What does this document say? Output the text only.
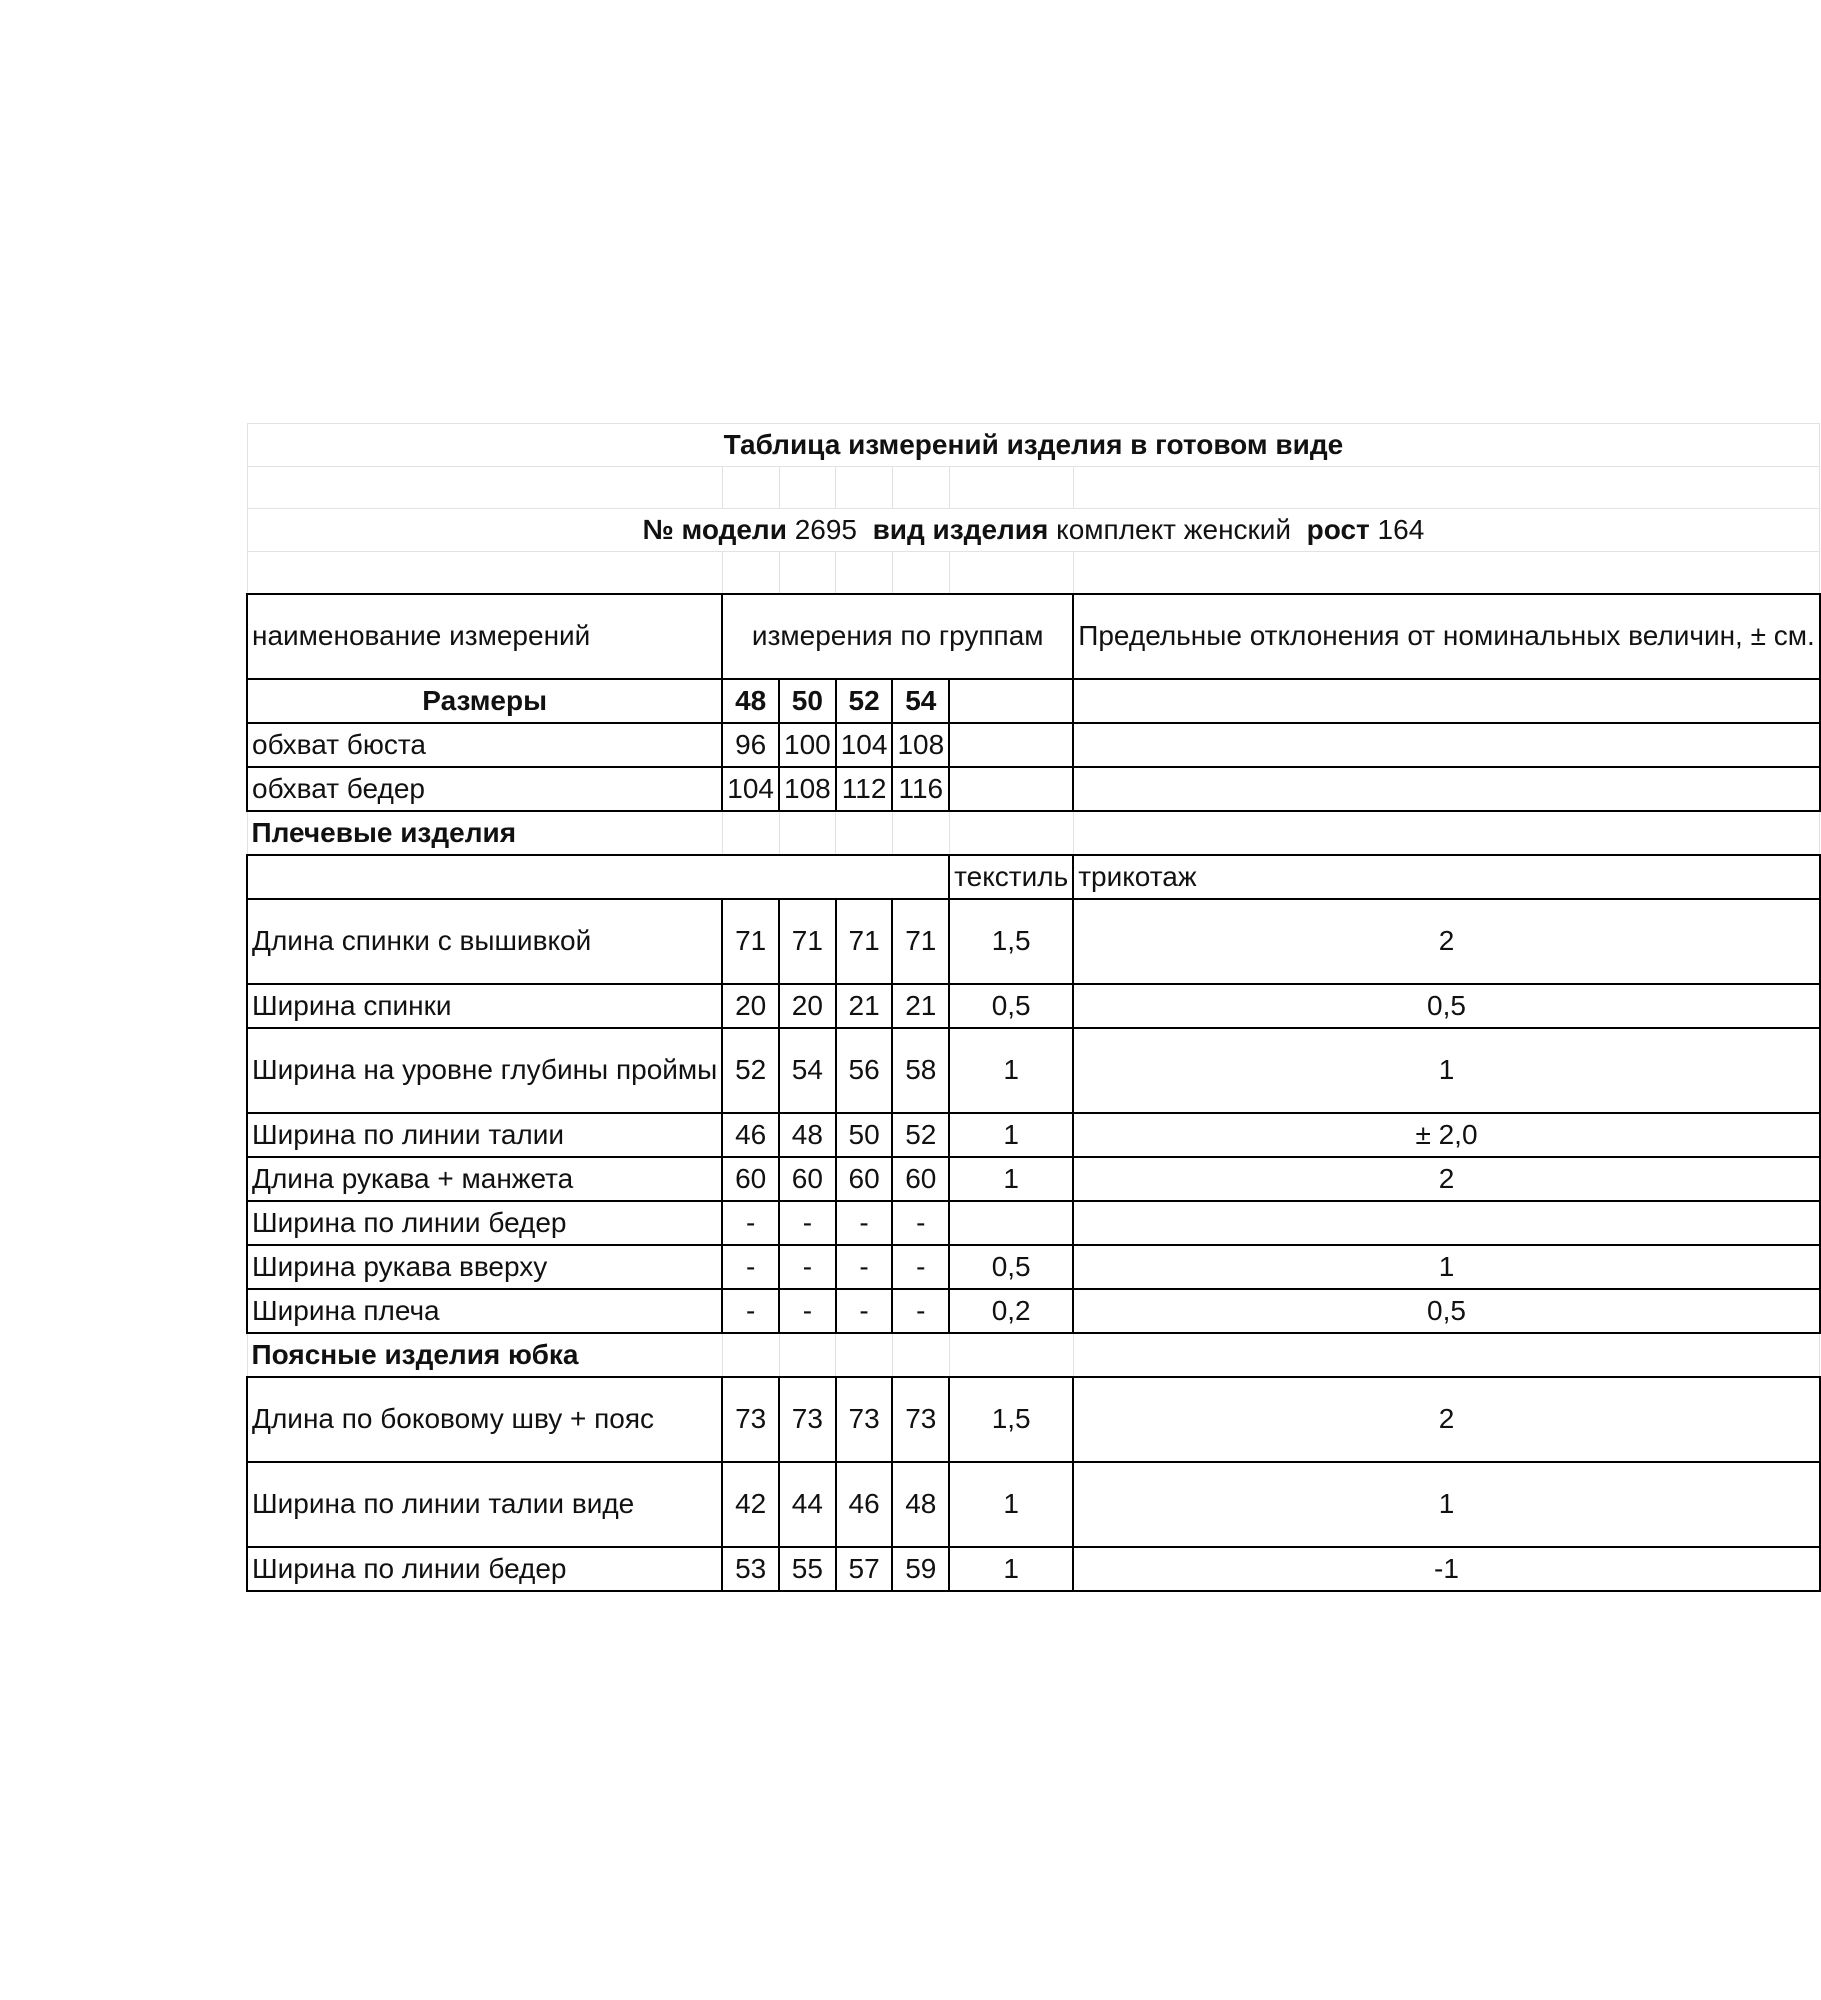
Таблица измерений изделия в готовом виде						

№ модели 2695 вид изделия комплект женский рост 164						

наименование измерений	измерения по группам					Предельные отклонения от номинальных величин, ± см.
Размеры	48	50	52	54		
обхват бюста	96	100	104	108		
обхват бедер	104	108	112	116		
Плечевые изделия						
					текстиль	трикотаж
Длина спинки с вышивкой	71	71	71	71	1,5	2
Ширина спинки	20	20	21	21	0,5	0,5
Ширина на уровне глубины проймы	52	54	56	58	1	1
Ширина по линии талии	46	48	50	52	1	± 2,0
Длина рукава + манжета	60	60	60	60	1	2
Ширина по линии бедер	-	-	-	-		
Ширина рукава вверху	-	-	-	-	0,5	1
Ширина плеча	-	-	-	-	0,2	0,5
Поясные изделия юбка						
Длина по боковому шву + пояс	73	73	73	73	1,5	2
Ширина по линии талии виде	42	44	46	48	1	1
Ширина по линии бедер	53	55	57	59	1	-1
